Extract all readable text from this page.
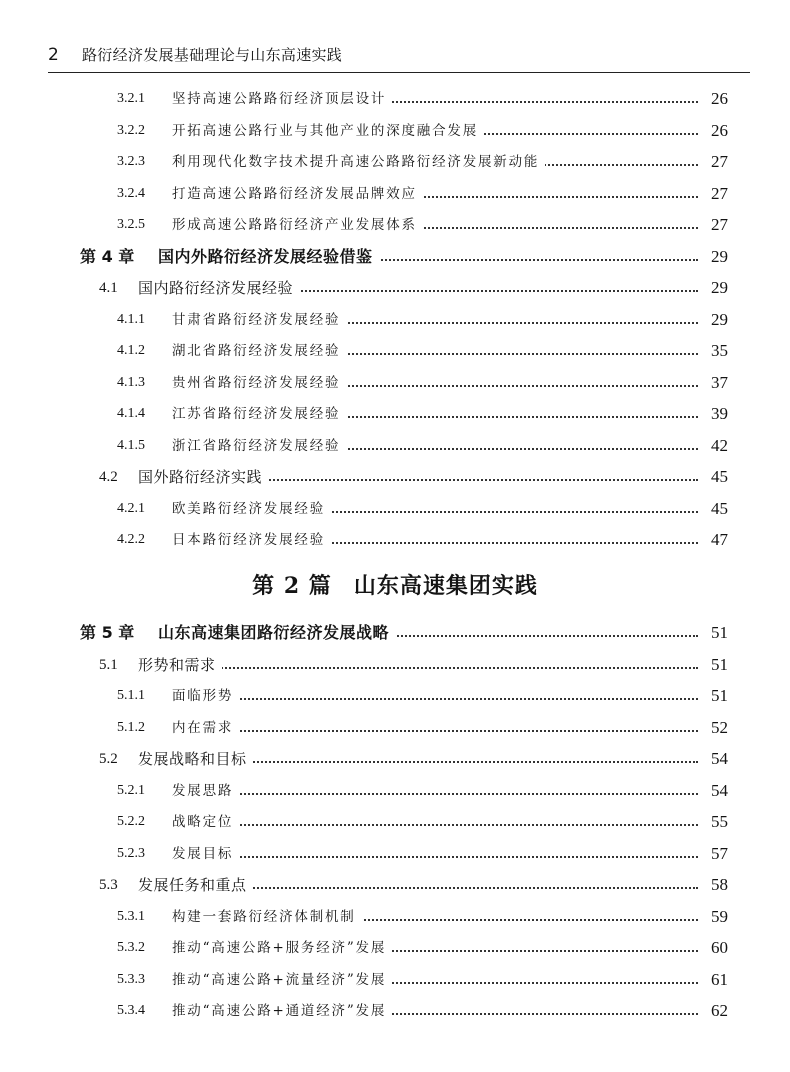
2 路衍经济发展基础理论与山东高速实践
第 2 篇 山东高速集团实践
3.2.1 坚持高速公路路衍经济顶层设计	26
3.2.2 开拓高速公路行业与其他产业的深度融合发展	26
3.2.3 利用现代化数字技术提升高速公路路衍经济发展新动能	27
3.2.4 打造高速公路路衍经济发展品牌效应	27
3.2.5 形成高速公路路衍经济产业发展体系	27
第 4 章 国内外路衍经济发展经验借鉴	29
4.1 国内路衍经济发展经验	29
4.1.1 甘肃省路衍经济发展经验	29
4.1.2 湖北省路衍经济发展经验	35
4.1.3 贵州省路衍经济发展经验	37
4.1.4 江苏省路衍经济发展经验	39
4.1.5 浙江省路衍经济发展经验	42
4.2 国外路衍经济实践	45
4.2.1 欧美路衍经济发展经验	45
4.2.2 日本路衍经济发展经验	47
第 5 章 山东高速集团路衍经济发展战略	51
5.1 形势和需求	51
5.1.1 面临形势	51
5.1.2 内在需求	52
5.2 发展战略和目标	54
5.2.1 发展思路	54
5.2.2 战略定位	55
5.2.3 发展目标	57
5.3 发展任务和重点	58
5.3.1 构建一套路衍经济体制机制	59
5.3.2 推动“高速公路+服务经济”发展	60
5.3.3 推动“高速公路+流量经济”发展	61
5.3.4 推动“高速公路+通道经济”发展	62
